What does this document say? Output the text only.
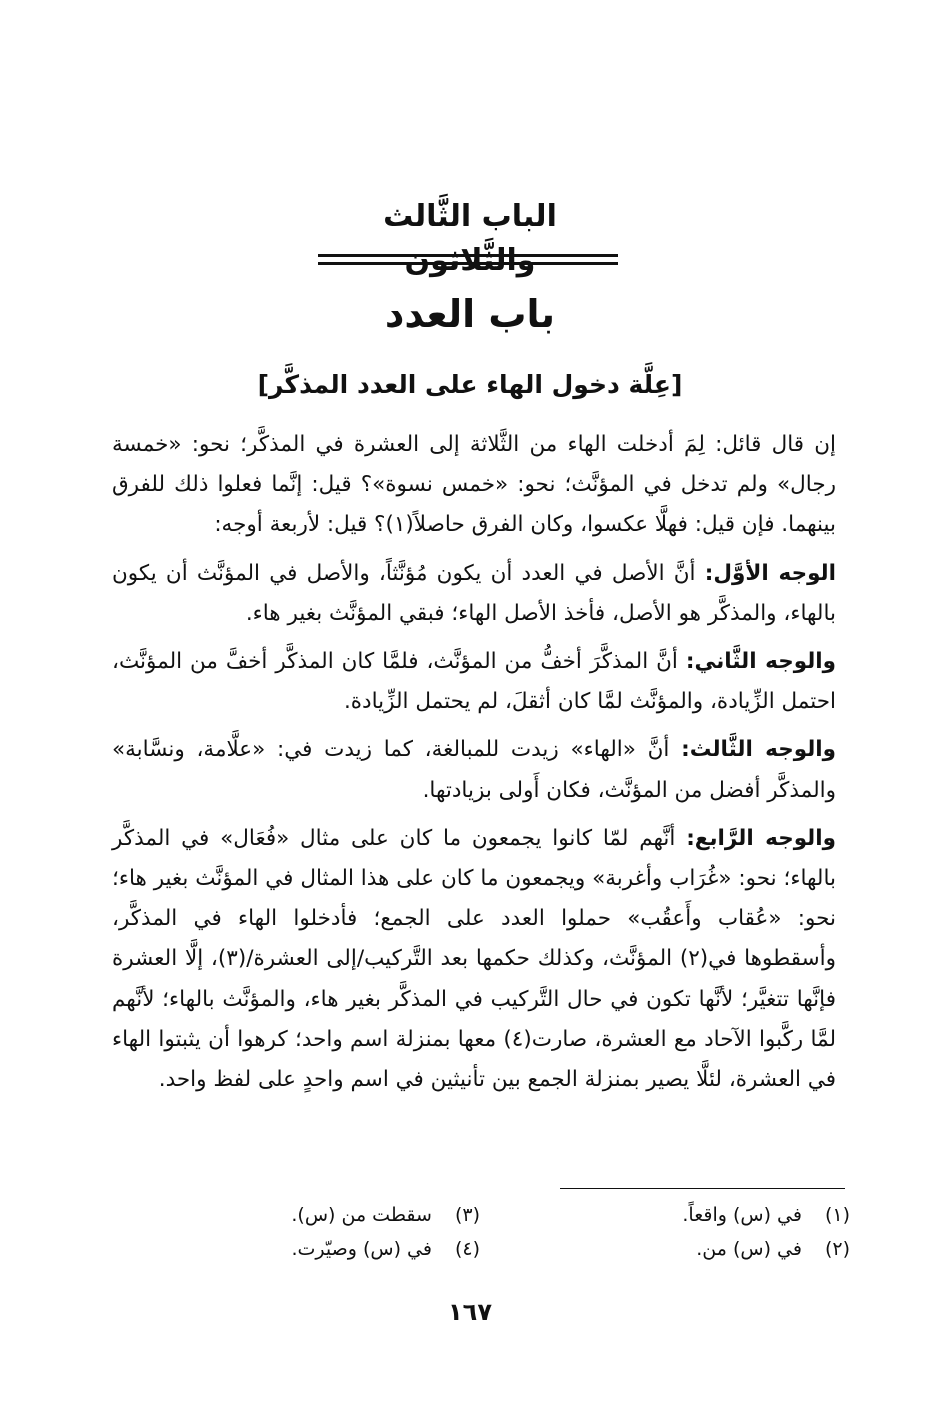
الباب الثَّالث والثَّلاثون
باب العدد
[عِلَّة دخول الهاء على العدد المذكَّر]

إن قال قائل: لِمَ أدخلت الهاء من الثَّلاثة إلى العشرة في المذكَّر؛ نحو: «خمسة رجال» ولم تدخل في المؤنَّث؛ نحو: «خمس نسوة»؟ قيل: إنَّما فعلوا ذلك للفرق بينهما. فإن قيل: فهلَّا عكسوا، وكان الفرق حاصلاً(١)؟ قيل: لأربعة أوجه:

الوجه الأوَّل: أنَّ الأصل في العدد أن يكون مُؤنَّثاً، والأصل في المؤنَّث أن يكون بالهاء، والمذكَّر هو الأصل، فأخذ الأصل الهاء؛ فبقي المؤنَّث بغير هاء.

والوجه الثَّاني: أنَّ المذكَّرَ أخفُّ من المؤنَّث، فلمَّا كان المذكَّر أخفَّ من المؤنَّث، احتمل الزِّيادة، والمؤنَّث لمَّا كان أثقلَ، لم يحتمل الزِّيادة.

والوجه الثَّالث: أنَّ «الهاء» زيدت للمبالغة، كما زيدت في: «علَّامة، ونسَّابة» والمذكَّر أفضل من المؤنَّث، فكان أَولى بزيادتها.

والوجه الرَّابع: أنَّهم لمّا كانوا يجمعون ما كان على مثال «فُعَال» في المذكَّر بالهاء؛ نحو: «غُرَاب وأغربة» ويجمعون ما كان على هذا المثال في المؤنَّث بغير هاء؛ نحو: «عُقاب وأَعقُب» حملوا العدد على الجمع؛ فأدخلوا الهاء في المذكَّر، وأسقطوها في(٢) المؤنَّث، وكذلك حكمها بعد التَّركيب/إلى العشرة/(٣)، إلَّا العشرة فإنَّها تتغيَّر؛ لأنَّها تكون في حال التَّركيب في المذكَّر بغير هاء، والمؤنَّث بالهاء؛ لأنَّهم لمَّا ركَّبوا الآحاد مع العشرة، صارت(٤) معها بمنزلة اسم واحد؛ كرهوا أن يثبتوا الهاء في العشرة، لئلَّا يصير بمنزلة الجمع بين تأنيثين في اسم واحدٍ على لفظ واحد.

(١) في (س) واقعاً.
(٢) في (س) من.
(٣) سقطت من (س).
(٤) في (س) وصيّرت.
١٦٧
